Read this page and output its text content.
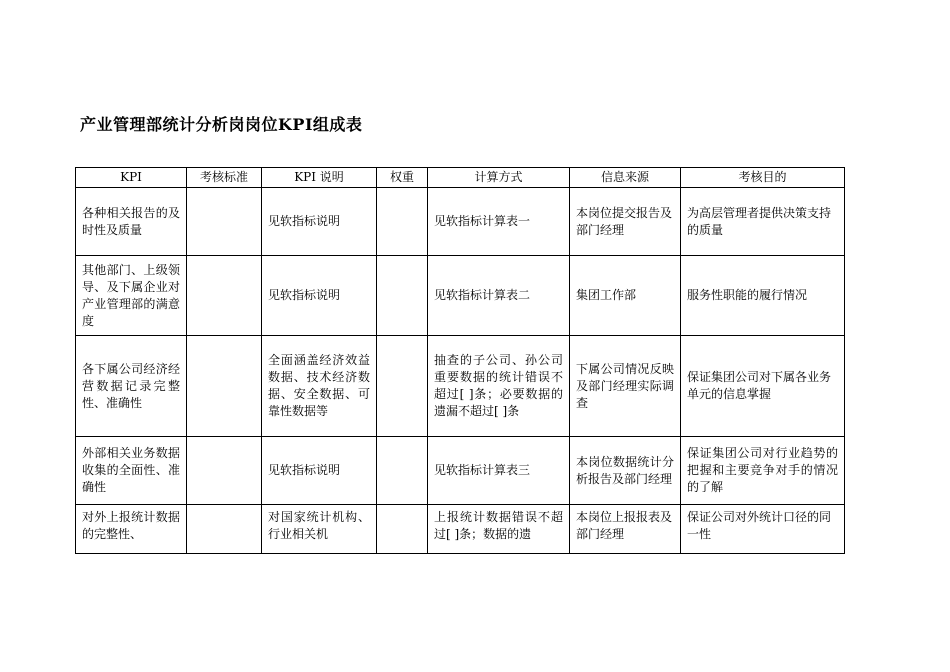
产业管理部统计分析岗岗位KPI组成表
KPI	考核标准	KPI 说明	权重	计算方式	信息来源	考核目的
各种相关报告的及时性及质量		见软指标说明		见软指标计算表一	本岗位提交报告及部门经理	为高层管理者提供决策支持的质量
其他部门、上级领导、及下属企业对产业管理部的满意度		见软指标说明		见软指标计算表二	集团工作部	服务性职能的履行情况
各下属公司经济经营数据记录完整性、准确性		全面涵盖经济效益数据、技术经济数据、安全数据、可靠性数据等		抽查的子公司、孙公司重要数据的统计错误不超过[ ]条；必要数据的遗漏不超过[ ]条	下属公司情况反映及部门经理实际调查	保证集团公司对下属各业务单元的信息掌握
外部相关业务数据收集的全面性、准确性		见软指标说明		见软指标计算表三	本岗位数据统计分析报告及部门经理	保证集团公司对行业趋势的把握和主要竞争对手的情况的了解

对外上报统计数据的完整性、		对国家统计机构、行业相关机		上报统计数据错误不超过[ ]条；数据的遗	本岗位上报报表及部门经理	保证公司对外统计口径的同一性
